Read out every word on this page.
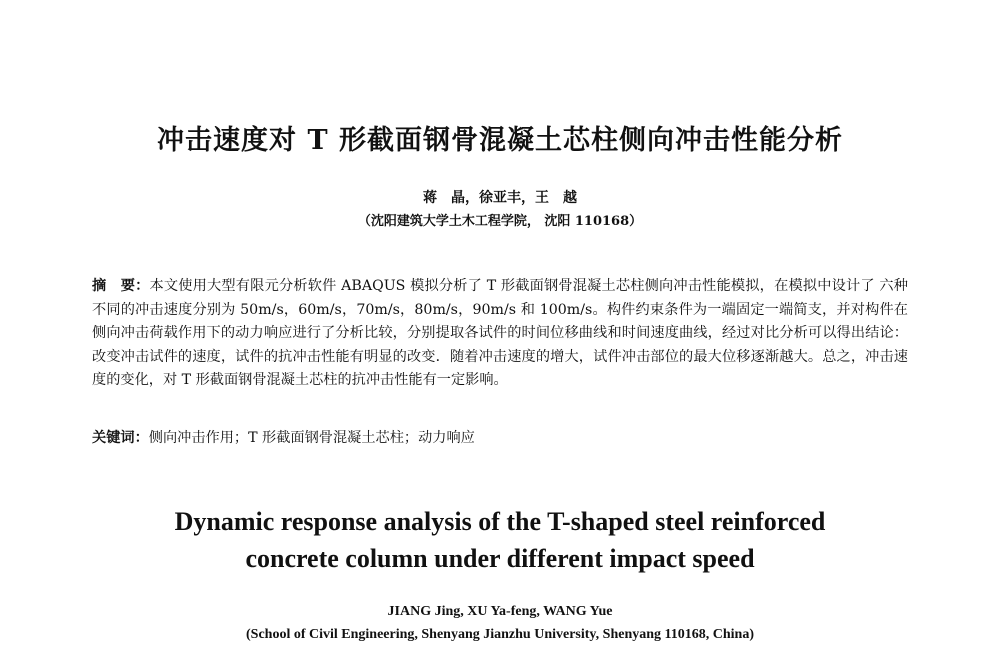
冲击速度对 T 形截面钢骨混凝土芯柱侧向冲击性能分析
蒋　晶，徐亚丰，王　越
（沈阳建筑大学土木工程学院， 沈阳 110168）
摘　要：本文使用大型有限元分析软件 ABAQUS 模拟分析了 T 形截面钢骨混凝土芯柱侧向冲击性能模拟，在模拟中设计了 六种不同的冲击速度分别为 50m/s，60m/s，70m/s，80m/s，90m/s 和 100m/s。构件约束条件为一端固定一端简支，并对构件在侧向冲击荷载作用下的动力响应进行了分析比较，分别提取各试件的时间位移曲线和时间速度曲线，经过对比分析可以得出结论：改变冲击试件的速度，试件的抗冲击性能有明显的改变．随着冲击速度的增大，试件冲击部位的最大位移逐渐越大。总之，冲击速度的变化，对 T 形截面钢骨混凝土芯柱的抗冲击性能有一定影响。
关键词：侧向冲击作用；T 形截面钢骨混凝土芯柱；动力响应
Dynamic response analysis of the T-shaped steel reinforced
concrete column under different impact speed
JIANG Jing, XU Ya-feng, WANG Yue
(School of Civil Engineering, Shenyang Jianzhu University, Shenyang 110168, China)
